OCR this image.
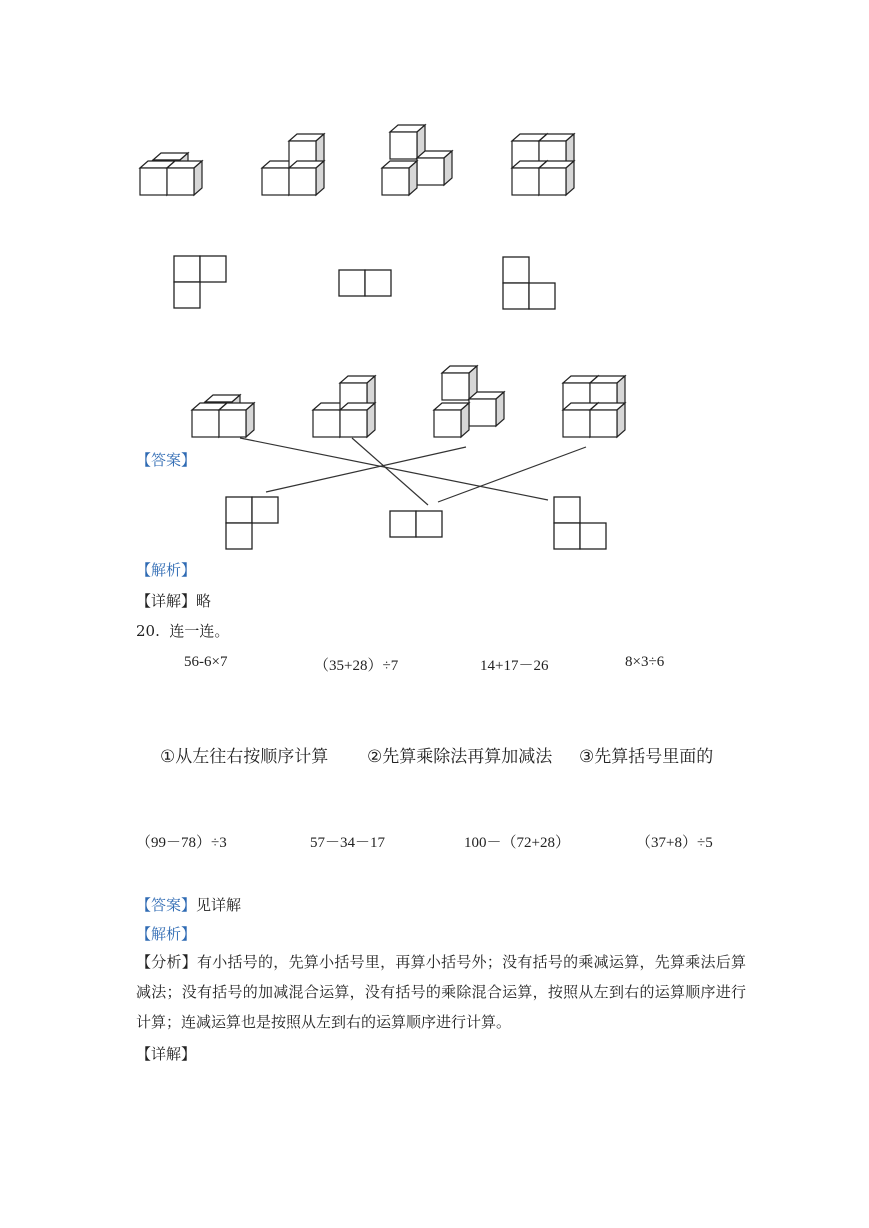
【答案】
【解析】
【详解】略
20. 连一连。
56-6×7	（35+28）÷7	14+17－26	8×3÷6
①从左往右按顺序计算 ②先算乘除法再算加减法 ③先算括号里面的
（99－78）÷3	57－34－17	100－（72+28）	（37+8）÷5
【答案】见详解
【解析】
【分析】有小括号的，先算小括号里，再算小括号外；没有括号的乘减运算，先算乘法后算减法；没有括号的加减混合运算，没有括号的乘除混合运算，按照从左到右的运算顺序进行计算；连减运算也是按照从左到右的运算顺序进行计算。
【详解】
